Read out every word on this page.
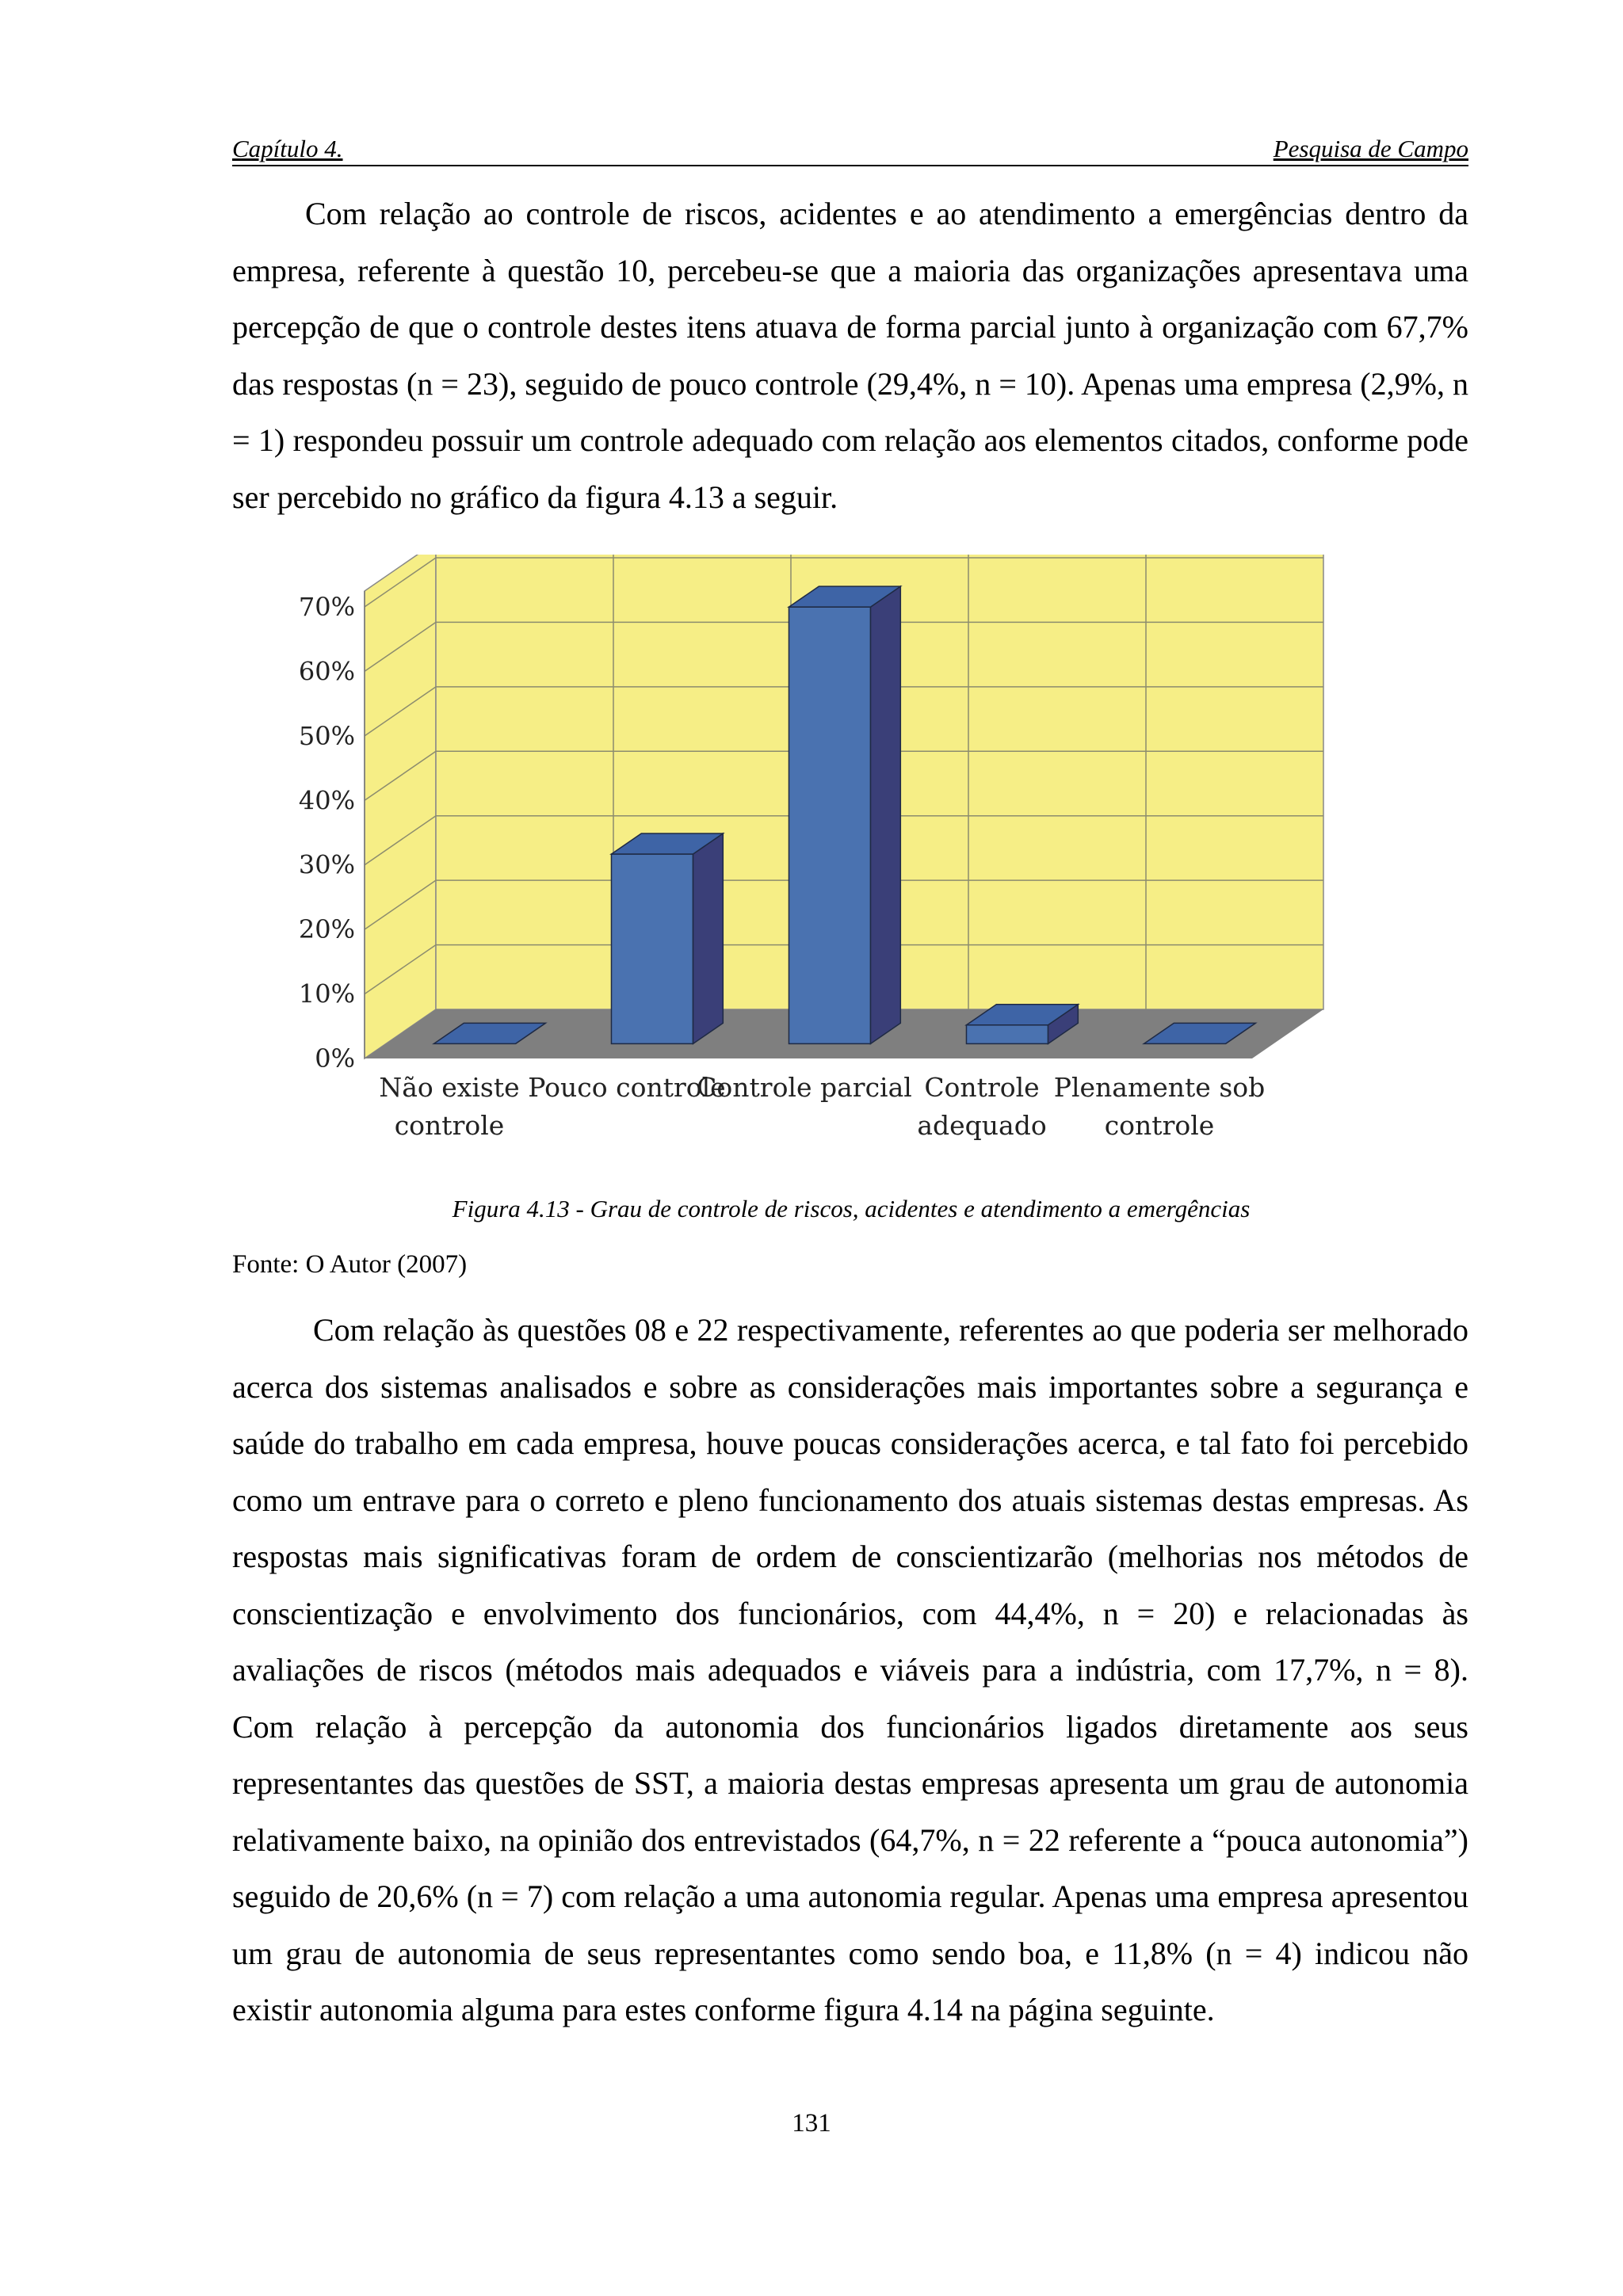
Capítulo 4.	Pesquisa de Campo

Com relação ao controle de riscos, acidentes e ao atendimento a emergências dentro da empresa, referente à questão 10, percebeu-se que a maioria das organizações apresentava uma percepção de que o controle destes itens atuava de forma parcial junto à organização com 67,7% das respostas (n = 23), seguido de pouco controle (29,4%, n = 10). Apenas uma empresa (2,9%, n = 1) respondeu possuir um controle adequado com relação aos elementos citados, conforme pode ser percebido no gráfico da figura 4.13 a seguir.

0%
10%
20%
30%
40%
50%
60%
70%
Não existe
controle
Pouco controle
Controle parcial Controle
adequado
Plenamente sob
controle
Figura 4.13 - Grau de controle de riscos, acidentes e atendimento a emergências
Fonte: O Autor (2007)

Com relação às questões 08 e 22 respectivamente, referentes ao que poderia ser melhorado acerca dos sistemas analisados e sobre as considerações mais importantes sobre a segurança e saúde do trabalho em cada empresa, houve poucas considerações acerca, e tal fato foi percebido como um entrave para o correto e pleno funcionamento dos atuais sistemas destas empresas. As respostas mais significativas foram de ordem de conscientizarão (melhorias nos métodos de conscientização e envolvimento dos funcionários, com 44,4%, n = 20) e relacionadas às avaliações de riscos (métodos mais adequados e viáveis para a indústria, com 17,7%, n = 8). Com relação à percepção da autonomia dos funcionários ligados diretamente aos seus representantes das questões de SST, a maioria destas empresas apresenta um grau de autonomia relativamente baixo, na opinião dos entrevistados (64,7%, n = 22 referente a “pouca autonomia”) seguido de 20,6% (n = 7) com relação a uma autonomia regular. Apenas uma empresa apresentou um grau de autonomia de seus representantes como sendo boa, e 11,8% (n = 4) indicou não existir autonomia alguma para estes conforme figura 4.14 na página seguinte.

131
